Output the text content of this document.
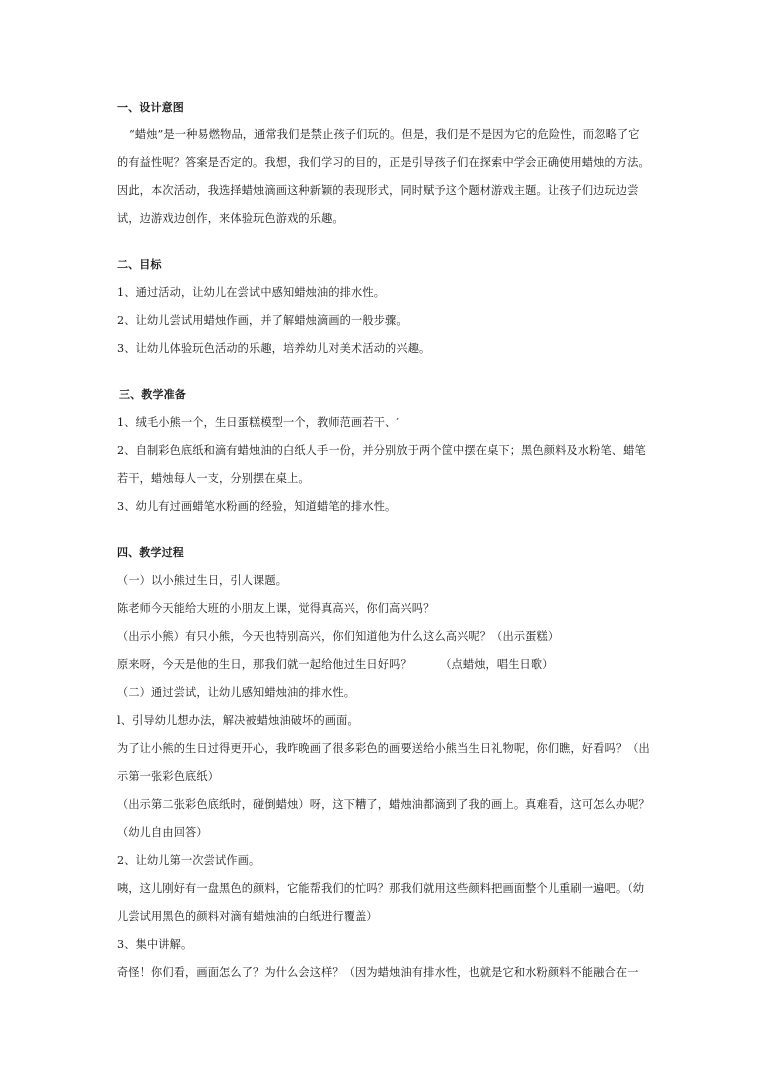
一、设计意图
“蜡烛”是一种易燃物品，通常我们是禁止孩子们玩的。但是，我们是不是因为它的危险性，而忽略了它
的有益性呢？答案是否定的。我想，我们学习的目的，正是引导孩子们在探索中学会正确使用蜡烛的方法。
因此，本次活动，我选择蜡烛滴画这种新颖的表现形式，同时赋予这个题材游戏主题。让孩子们边玩边尝
试，边游戏边创作，来体验玩色游戏的乐趣。
二、目标
1、通过活动，让幼儿在尝试中感知蜡烛油的排水性。
2、让幼儿尝试用蜡烛作画，并了解蜡烛滴画的一般步骤。
3、让幼儿体验玩色活动的乐趣，培养幼儿对美术活动的兴趣。
三、教学准备
1、绒毛小熊一个，生日蛋糕模型一个，教师范画若干、′
2、自制彩色底纸和滴有蜡烛油的白纸人手一份，并分别放于两个筐中摆在桌下；黑色颜料及水粉笔、蜡笔
若干，蜡烛每人一支，分别摆在桌上。
3、幼儿有过画蜡笔水粉画的经验，知道蜡笔的排水性。
四、教学过程
（一）以小熊过生日，引人课题。
陈老师今天能给大班的小朋友上课，觉得真高兴，你们高兴吗？
（出示小熊）有只小熊，今天也特别高兴，你们知道他为什么这么高兴呢？（出示蛋糕）
原来呀，今天是他的生日，那我们就一起给他过生日好吗？　　　（点蜡烛，唱生日歌）
（二）通过尝试，让幼儿感知蜡烛油的排水性。
l、引导幼儿想办法，解决被蜡烛油破坏的画面。
为了让小熊的生日过得更开心，我昨晚画了很多彩色的画要送给小熊当生日礼物呢，你们瞧，好看吗？（出
示第一张彩色底纸）
（出示第二张彩色底纸时，碰倒蜡烛）呀，这下糟了，蜡烛油都滴到了我的画上。真难看，这可怎么办呢？
（幼儿自由回答）
2、让幼儿第一次尝试作画。
咦，这儿刚好有一盘黑色的颜料，它能帮我们的忙吗？那我们就用这些颜料把画面整个儿重刷一遍吧。（幼
儿尝试用黑色的颜料对滴有蜡烛油的白纸进行覆盖）
3、集中讲解。
奇怪！你们看，画面怎么了？为什么会这样？（因为蜡烛油有排水性，也就是它和水粉颜料不能融合在一
